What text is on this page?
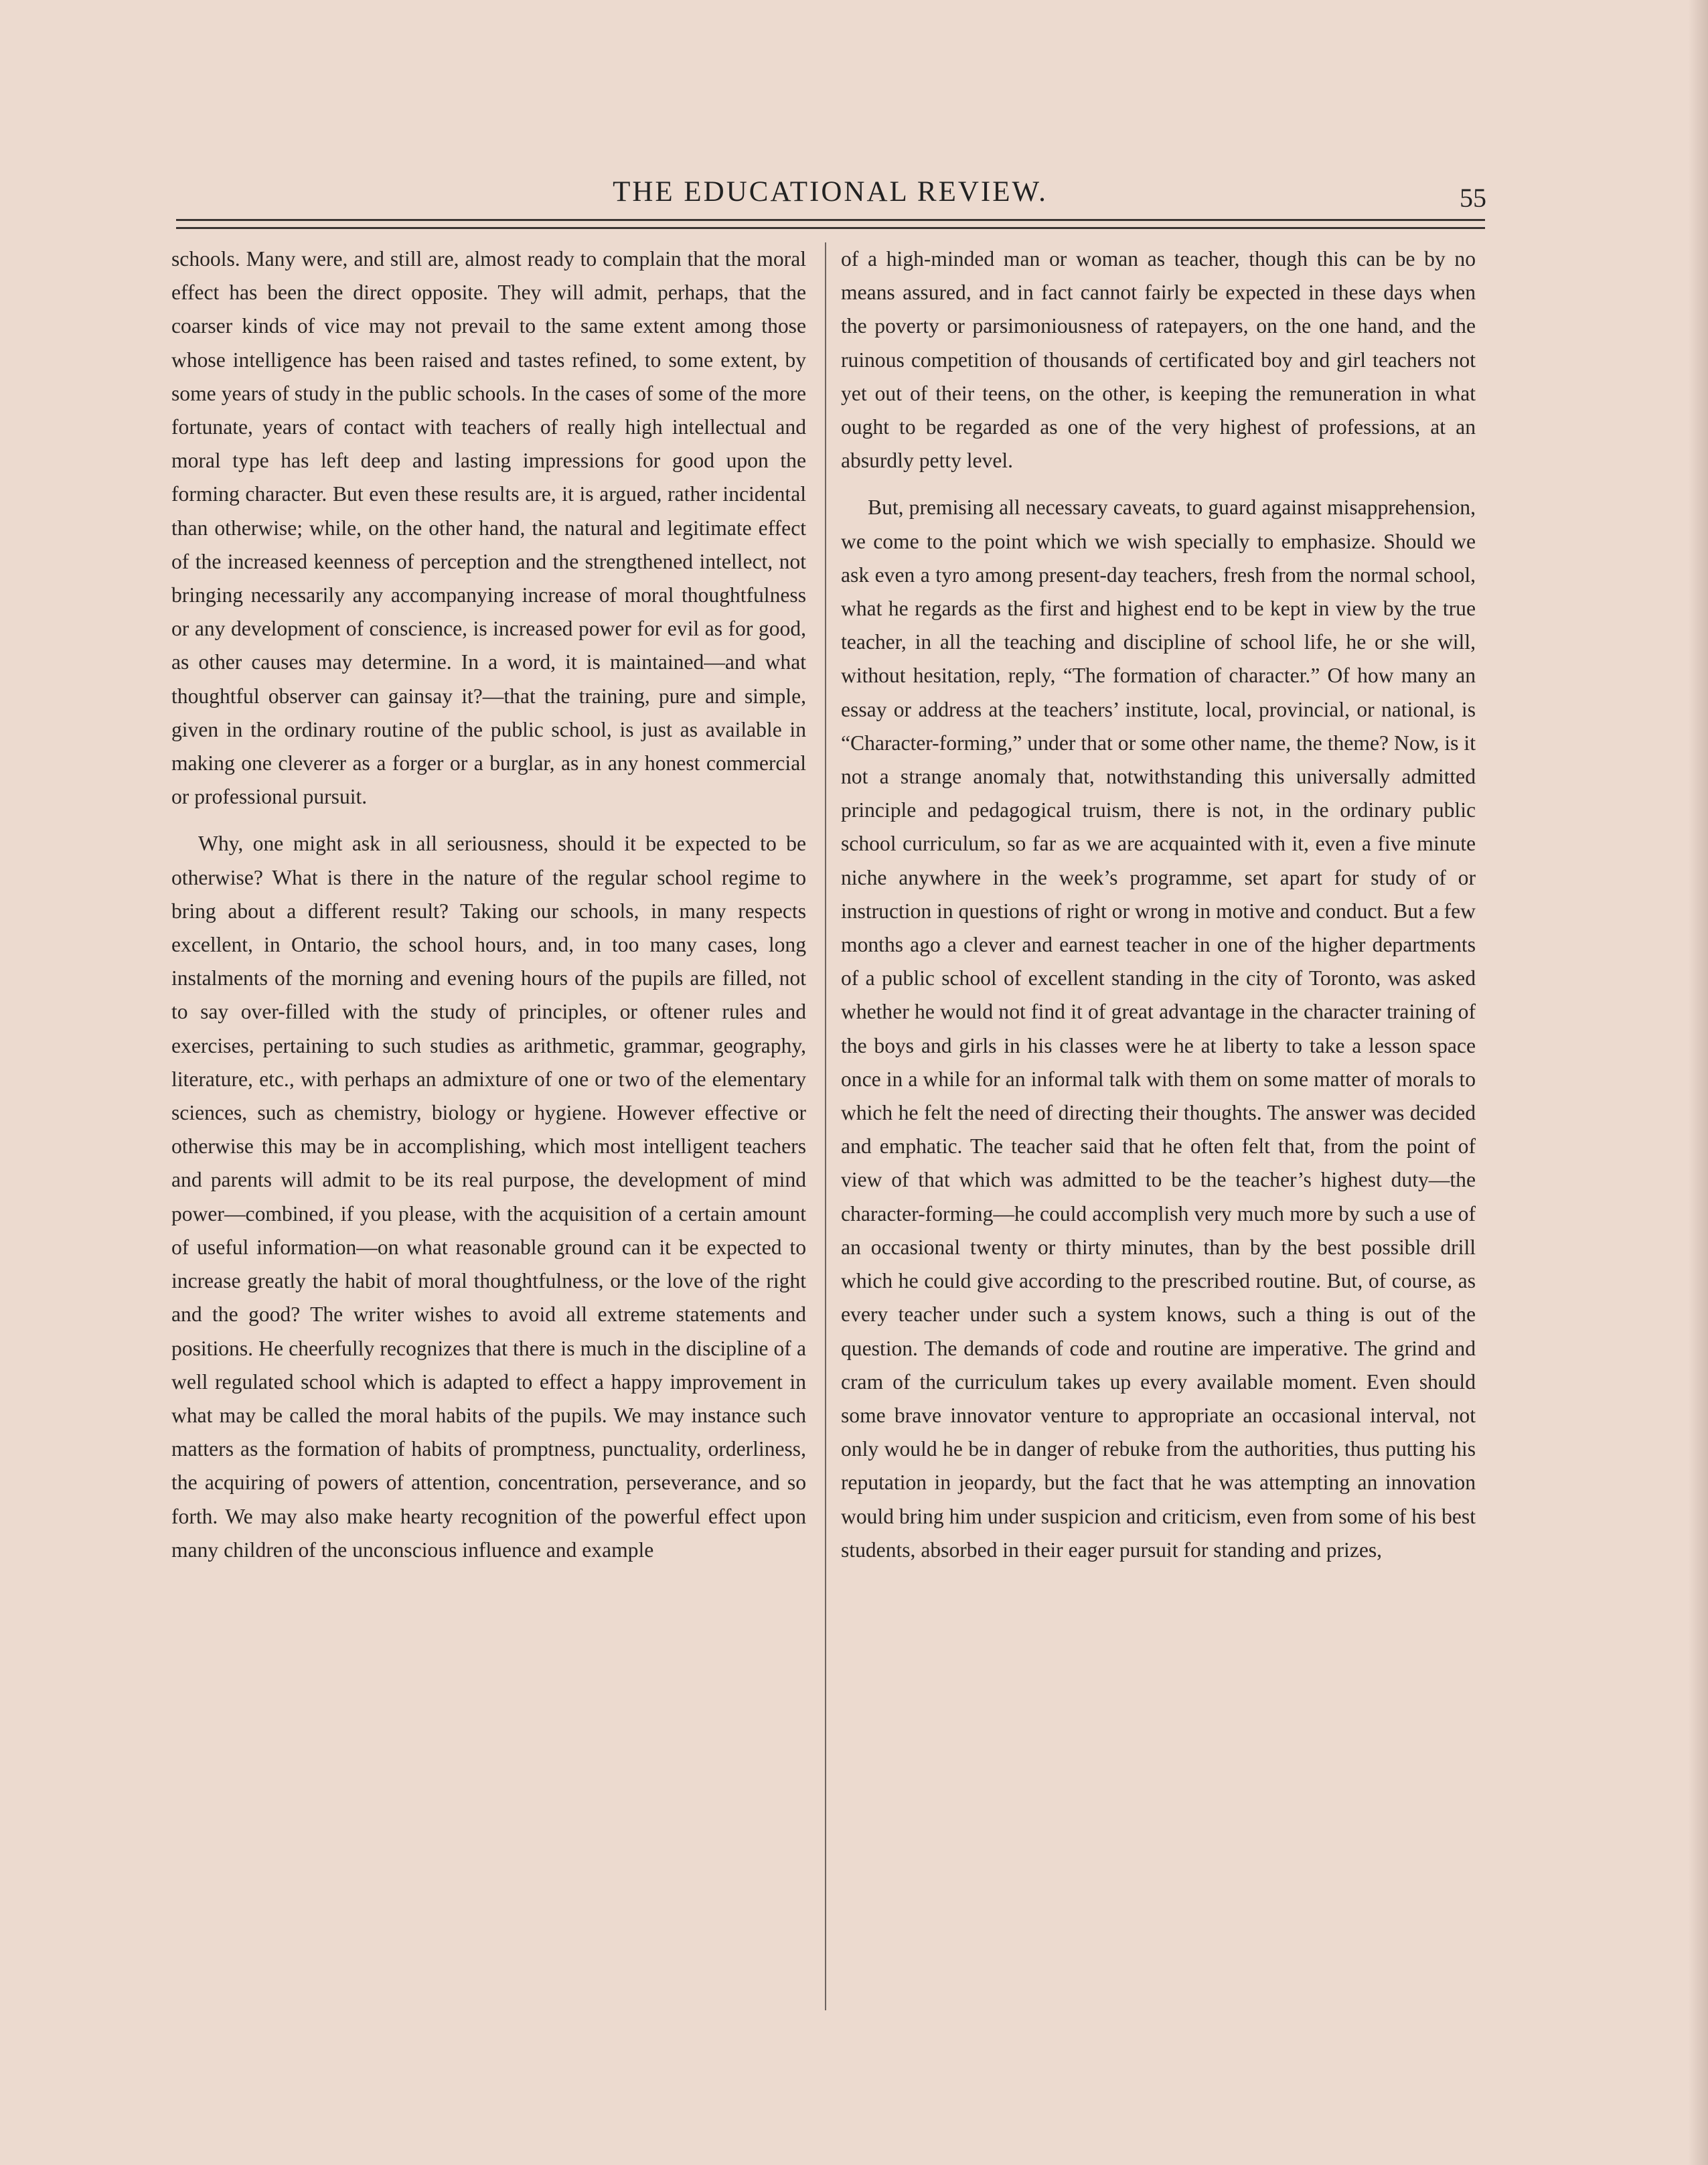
THE EDUCATIONAL REVIEW.	55

schools. Many were, and still are, almost ready to complain that the moral effect has been the direct opposite. They will admit, perhaps, that the coarser kinds of vice may not prevail to the same extent among those whose intelligence has been raised and tastes refined, to some extent, by some years of study in the public schools. In the cases of some of the more fortunate, years of contact with teachers of really high intellectual and moral type has left deep and lasting impressions for good upon the forming character. But even these results are, it is argued, rather incidental than otherwise; while, on the other hand, the natural and legitimate effect of the increased keenness of perception and the strengthened intellect, not bringing necessarily any accompanying increase of moral thoughtfulness or any development of conscience, is increased power for evil as for good, as other causes may determine. In a word, it is maintained—and what thoughtful observer can gainsay it?—that the training, pure and simple, given in the ordinary routine of the public school, is just as available in making one cleverer as a forger or a burglar, as in any honest commercial or professional pursuit.

Why, one might ask in all seriousness, should it be expected to be otherwise? What is there in the nature of the regular school regime to bring about a different result? Taking our schools, in many respects excellent, in Ontario, the school hours, and, in too many cases, long instalments of the morning and evening hours of the pupils are filled, not to say over-filled with the study of principles, or oftener rules and exercises, pertaining to such studies as arithmetic, grammar, geography, literature, etc., with perhaps an admixture of one or two of the elementary sciences, such as chemistry, biology or hygiene. However effective or otherwise this may be in accomplishing, which most intelligent teachers and parents will admit to be its real purpose, the development of mind power—combined, if you please, with the acquisition of a certain amount of useful information—on what reasonable ground can it be expected to increase greatly the habit of moral thoughtfulness, or the love of the right and the good? The writer wishes to avoid all extreme statements and positions. He cheerfully recognizes that there is much in the discipline of a well regulated school which is adapted to effect a happy improvement in what may be called the moral habits of the pupils. We may instance such matters as the formation of habits of promptness, punctuality, orderliness, the acquiring of powers of attention, concentration, perseverance, and so forth. We may also make hearty recognition of the powerful effect upon many children of the unconscious influence and example

of a high-minded man or woman as teacher, though this can be by no means assured, and in fact cannot fairly be expected in these days when the poverty or parsimoniousness of ratepayers, on the one hand, and the ruinous competition of thousands of certificated boy and girl teachers not yet out of their teens, on the other, is keeping the remuneration in what ought to be regarded as one of the very highest of professions, at an absurdly petty level.

But, premising all necessary caveats, to guard against misapprehension, we come to the point which we wish specially to emphasize. Should we ask even a tyro among present-day teachers, fresh from the normal school, what he regards as the first and highest end to be kept in view by the true teacher, in all the teaching and discipline of school life, he or she will, without hesitation, reply, “The formation of character.” Of how many an essay or address at the teachers’ institute, local, provincial, or national, is “Character-forming,” under that or some other name, the theme? Now, is it not a strange anomaly that, notwithstanding this universally admitted principle and pedagogical truism, there is not, in the ordinary public school curriculum, so far as we are acquainted with it, even a five minute niche anywhere in the week’s programme, set apart for study of or instruction in questions of right or wrong in motive and conduct. But a few months ago a clever and earnest teacher in one of the higher departments of a public school of excellent standing in the city of Toronto, was asked whether he would not find it of great advantage in the character training of the boys and girls in his classes were he at liberty to take a lesson space once in a while for an informal talk with them on some matter of morals to which he felt the need of directing their thoughts. The answer was decided and emphatic. The teacher said that he often felt that, from the point of view of that which was admitted to be the teacher’s highest duty—the character-forming—he could accomplish very much more by such a use of an occasional twenty or thirty minutes, than by the best possible drill which he could give according to the prescribed routine. But, of course, as every teacher under such a system knows, such a thing is out of the question. The demands of code and routine are imperative. The grind and cram of the curriculum takes up every available moment. Even should some brave innovator venture to appropriate an occasional interval, not only would he be in danger of rebuke from the authorities, thus putting his reputation in jeopardy, but the fact that he was attempting an innovation would bring him under suspicion and criticism, even from some of his best students, absorbed in their eager pursuit for standing and prizes,
